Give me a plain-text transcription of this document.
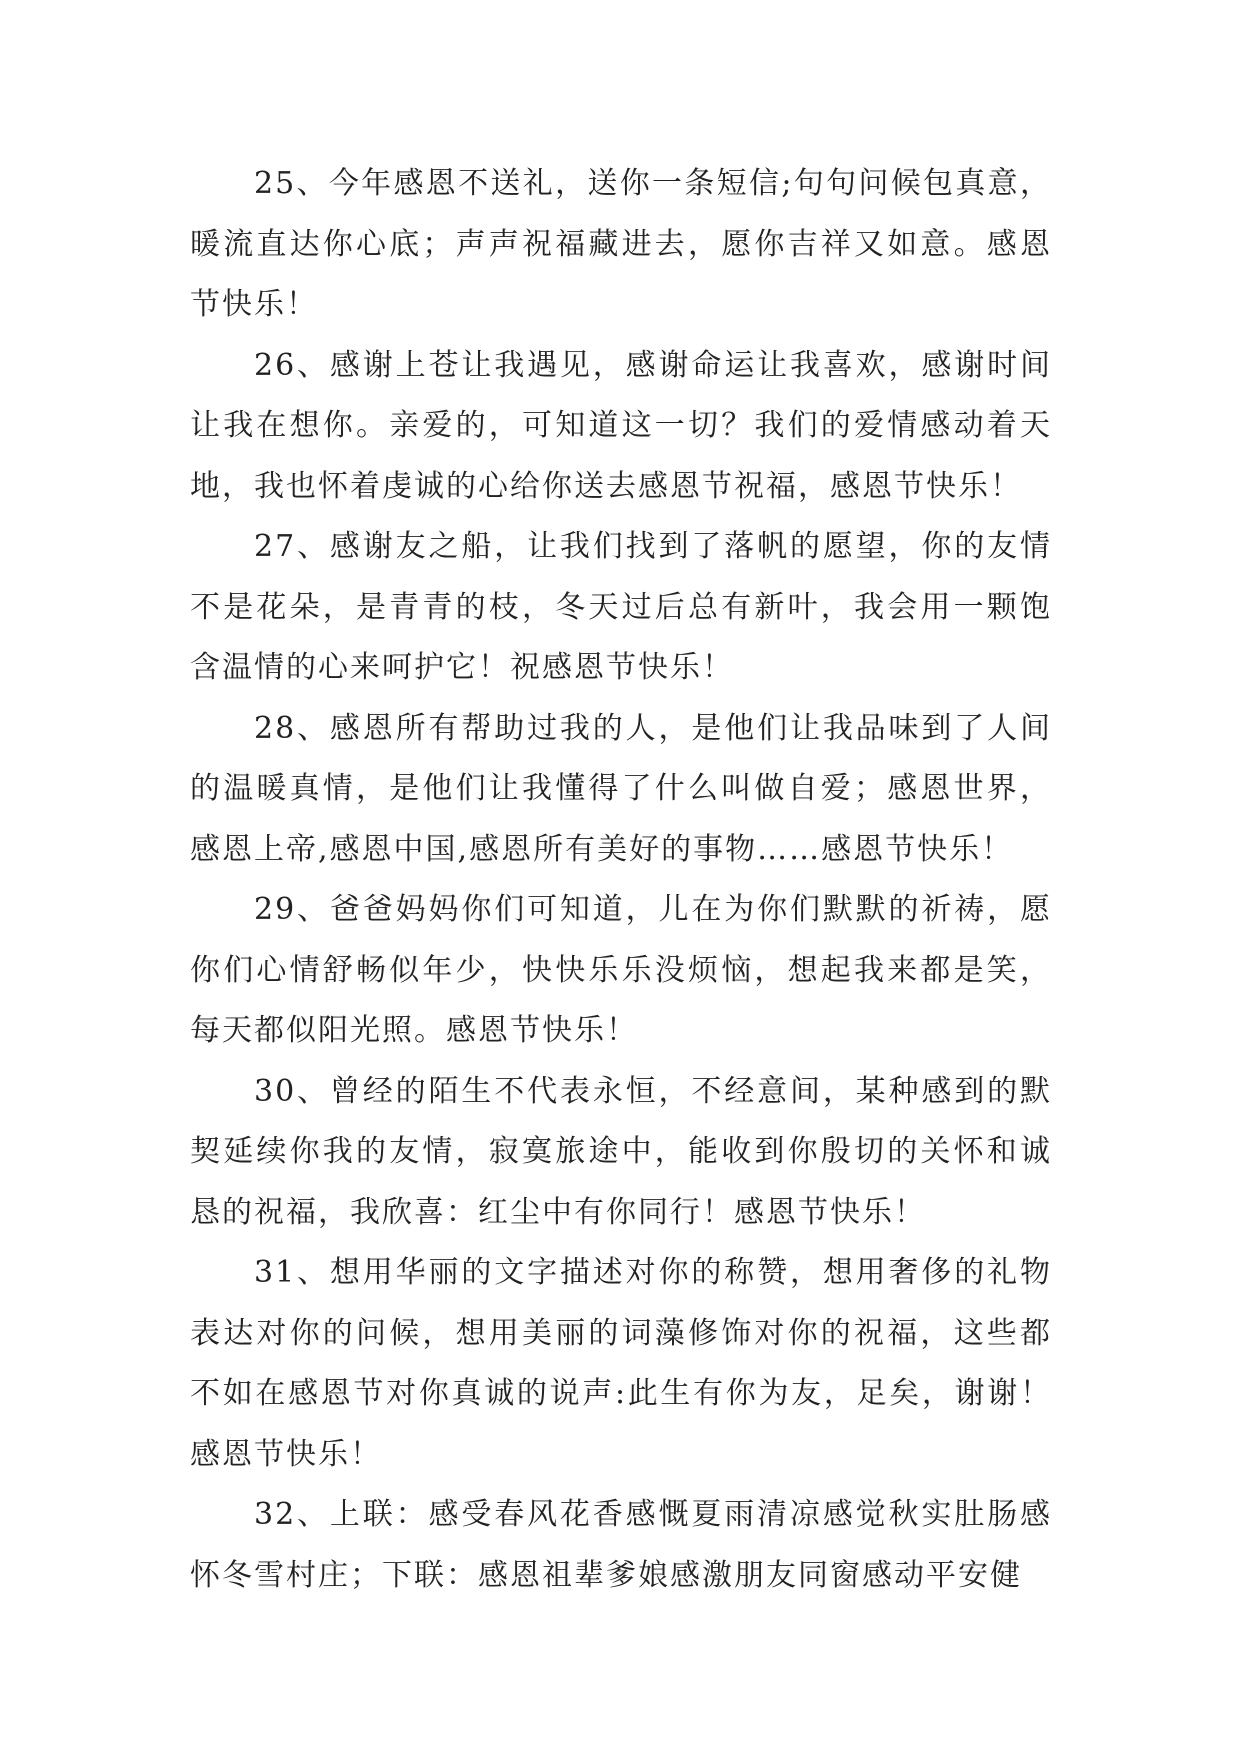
25、今年感恩不送礼，送你一条短信;句句问候包真意，暖流直达你心底；声声祝福藏进去，愿你吉祥又如意。感恩节快乐！

26、感谢上苍让我遇见，感谢命运让我喜欢，感谢时间让我在想你。亲爱的，可知道这一切？我们的爱情感动着天地，我也怀着虔诚的心给你送去感恩节祝福，感恩节快乐！

27、感谢友之船，让我们找到了落帆的愿望，你的友情不是花朵，是青青的枝，冬天过后总有新叶，我会用一颗饱含温情的心来呵护它！祝感恩节快乐！

28、感恩所有帮助过我的人，是他们让我品味到了人间的温暖真情，是他们让我懂得了什么叫做自爱；感恩世界，感恩上帝,感恩中国,感恩所有美好的事物……感恩节快乐！

29、爸爸妈妈你们可知道，儿在为你们默默的祈祷，愿你们心情舒畅似年少，快快乐乐没烦恼，想起我来都是笑，每天都似阳光照。感恩节快乐！

30、曾经的陌生不代表永恒，不经意间，某种感到的默契延续你我的友情，寂寞旅途中，能收到你殷切的关怀和诚恳的祝福，我欣喜：红尘中有你同行！感恩节快乐！

31、想用华丽的文字描述对你的称赞，想用奢侈的礼物表达对你的问候，想用美丽的词藻修饰对你的祝福，这些都不如在感恩节对你真诚的说声:此生有你为友，足矣，谢谢！感恩节快乐！

32、上联：感受春风花香感慨夏雨清凉感觉秋实肚肠感怀冬雪村庄；下联：感恩祖辈爹娘感激朋友同窗感动平安健
